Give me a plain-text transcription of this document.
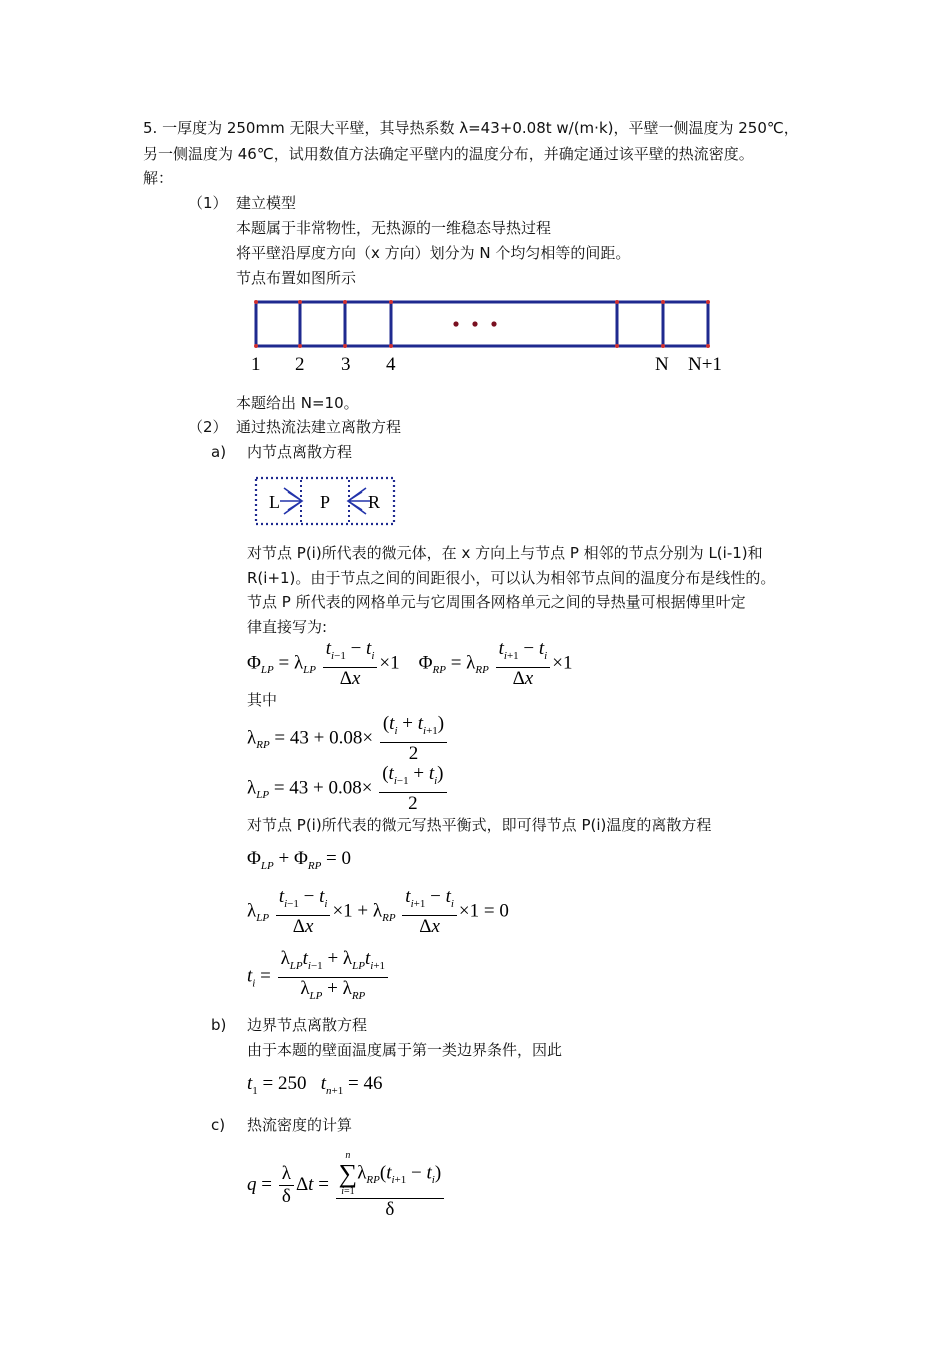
5. 一厚度为 250mm 无限大平壁，其导热系数 λ=43+0.08t w/(m·k)，平壁一侧温度为 250℃，
另一侧温度为 46℃，试用数值方法确定平壁内的温度分布，并确定通过该平壁的热流密度。
解：
（1） 建立模型
本题属于非常物性，无热源的一维稳态导热过程
将平壁沿厚度方向（x 方向）划分为 N 个均匀相等的间距。
节点布置如图所示
1 2 3 4	N N+1
本题给出 N=10。
（2） 通过热流法建立离散方程
a) 内节点离散方程
L P R
对节点 P(i)所代表的微元体，在 x 方向上与节点 P 相邻的节点分别为 L(i-1)和
R(i+1)。由于节点之间的间距很小，可以认为相邻节点间的温度分布是线性的。
节点 P 所代表的网格单元与它周围各网格单元之间的导热量可根据傅里叶定
律直接写为:
$\Phi_{LP} = \lambda_{LP} \frac{t_{i-1} - t_i}{\Delta x} \times 1$    $\Phi_{RP} = \lambda_{RP} \frac{t_{i+1} - t_i}{\Delta x} \times 1$
其中
$\lambda_{RP} = 43 + 0.08\times \frac{(t_i + t_{i+1})}{2}$
$\lambda_{LP} = 43 + 0.08\times \frac{(t_{i-1} + t_i)}{2}$
对节点 P(i)所代表的微元写热平衡式，即可得节点 P(i)温度的离散方程
$\Phi_{LP} + \Phi_{RP} = 0$
$\lambda_{LP} \frac{t_{i-1} - t_i}{\Delta x} \times 1 + \lambda_{RP} \frac{t_{i+1} - t_i}{\Delta x} \times 1 = 0$
$t_i = \frac{\lambda_{LP}t_{i-1} + \lambda_{LP}t_{i+1}}{\lambda_{LP} + \lambda_{RP}}$
b) 边界节点离散方程
由于本题的壁面温度属于第一类边界条件，因此
$t_1 = 250$ $t_{n+1} = 46$
c) 热流密度的计算
$q = \frac{\lambda}{\delta}$ Δt = n
∑
i=1
$\lambda_{RP}(t_{i+1} - t_i)$
δ
